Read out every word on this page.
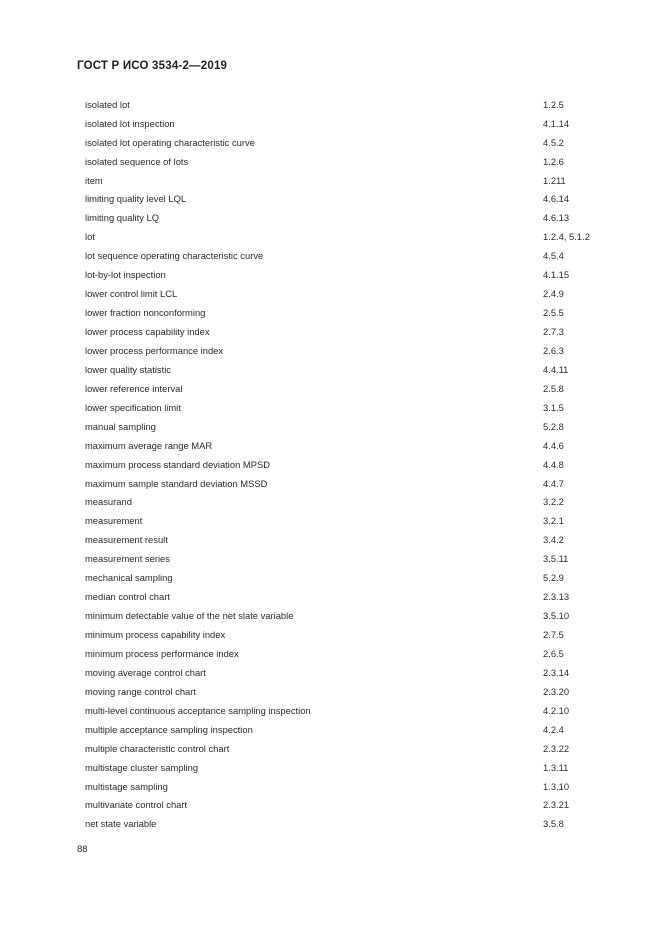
ГОСТ Р ИСО 3534-2—2019
isolated lot	1.2.5
isolated lot inspection	4.1.14
isolated lot operating characteristic curve	4.5.2
isolated sequence of lots	1.2.6
item	1.211
limiting quality level LQL	4.6.14
limiting quality LQ	4.6.13
lot	1.2.4, 5.1.2
lot sequence operating characteristic curve	4.5.4
lot-by-lot inspection	4.1.15
lower control limit LCL	2.4.9
lower fraction nonconforming	2.5.5
lower process capability index	2.7.3
lower process performance index	2.6.3
lower quality statistic	4.4.11
lower reference interval	2.5.8
lower specification limit	3.1.5
manual sampling	5.2.8
maximum average range MAR	4.4.6
maximum process standard deviation MPSD	4.4.8
maximum sample standard deviation MSSD	4.4.7
measurand	3.2.2
measurement	3.2.1
measurement result	3.4.2
measurement series	3.5.11
mechanical sampling	5.2.9
median control chart	2.3.13
minimum detectable value of the net slate variable	3.5.10
minimum process capability index	2.7.5
minimum process performance index	2.6.5
moving average control chart	2.3.14
moving range control chart	2.3.20
multi-level continuous acceptance sampling inspection	4.2.10
multiple acceptance sampling inspection	4.2.4
multiple characteristic control chart	2.3.22
multistage cluster sampling	1.3.11
multistage sampling	1.3.10
multivariate control chart	2.3.21
net state variable	3.5.8
88
